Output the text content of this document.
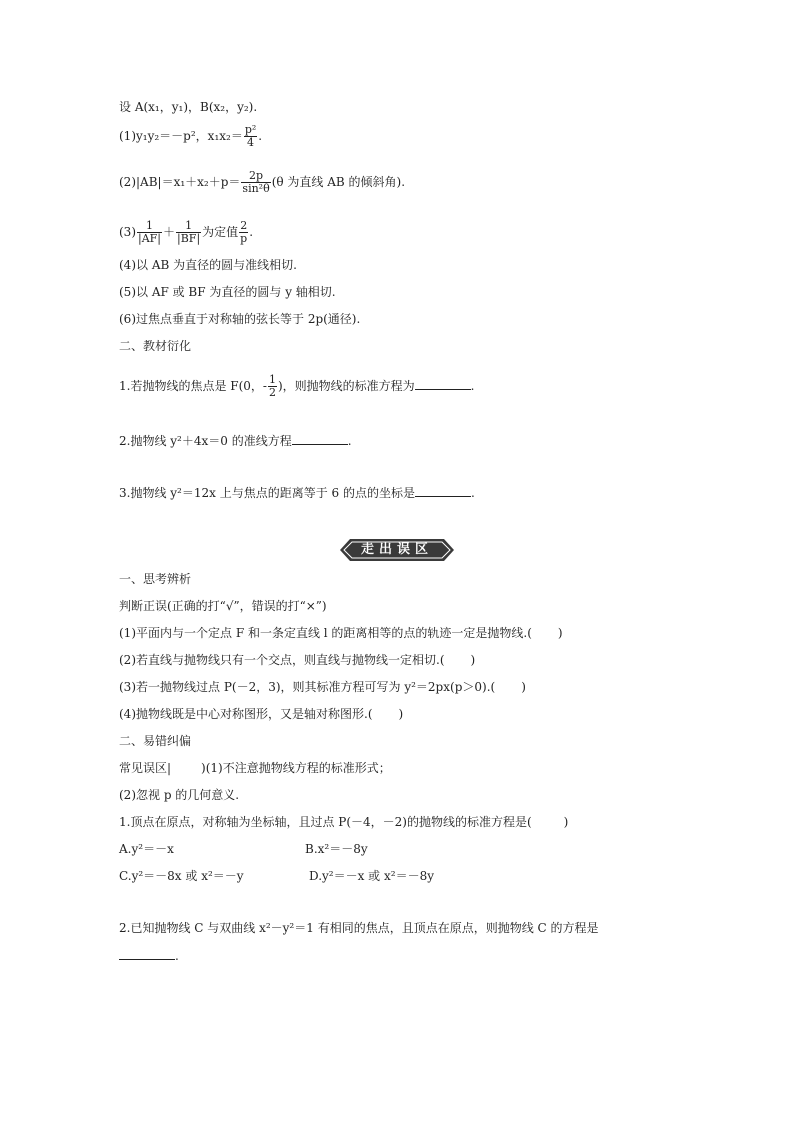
设 A(x₁，y₁)，B(x₂，y₂).
(1)y₁y₂＝－p²，$x_1x_2= \frac{\text{p²}}{4}$ .
$(2)|AB|=x_1+x_2+p= \frac{2p}{\text{sin²θ}} (\theta$ 为直线 AB 的倾斜角).
$(3) \frac{1}{|AF|} + \frac{1}{|BF|}$ 为定值 $\frac{2}{p}$ .
(4)以 AB 为直径的圆与准线相切.
(5)以 AF 或 BF 为直径的圆与 y 轴相切.
(6)过焦点垂直于对称轴的弦长等于 2p(通径).
二、教材衍化
1.若抛物线的焦点是 F(0，- $\frac{1}{2}$ )，则抛物线的标准方程为	.
2.抛物线 y²＋4x＝0 的准线方程	.
3.抛物线 y²＝12x 上与焦点的距离等于 6 的点的坐标是	.
走出误区
一、思考辨析
判断正误(正确的打“√”，错误的打“×”)
(1)平面内与一个定点 F 和一条定直线 l 的距离相等的点的轨迹一定是抛物线.( )
(2)若直线与抛物线只有一个交点，则直线与抛物线一定相切.( )
(3)若一抛物线过点 P(－2，3)，则其标准方程可写为 y²＝2px(p＞0).( )
(4)抛物线既是中心对称图形，又是轴对称图形.( )
二、易错纠偏
常见误区|	)(1)不注意抛物线方程的标准形式；
(2)忽视 p 的几何意义.
1.顶点在原点，对称轴为坐标轴，且过点 P(－4，－2)的抛物线的标准方程是(	)
A.y²＝－x	B.x²＝－8y
C.y²＝－8x 或 x²＝－y	D.y²＝－x 或 x²＝－8y
2.已知抛物线 C 与双曲线 x²－y²＝1 有相同的焦点，且顶点在原点，则抛物线 C 的方程是
.
